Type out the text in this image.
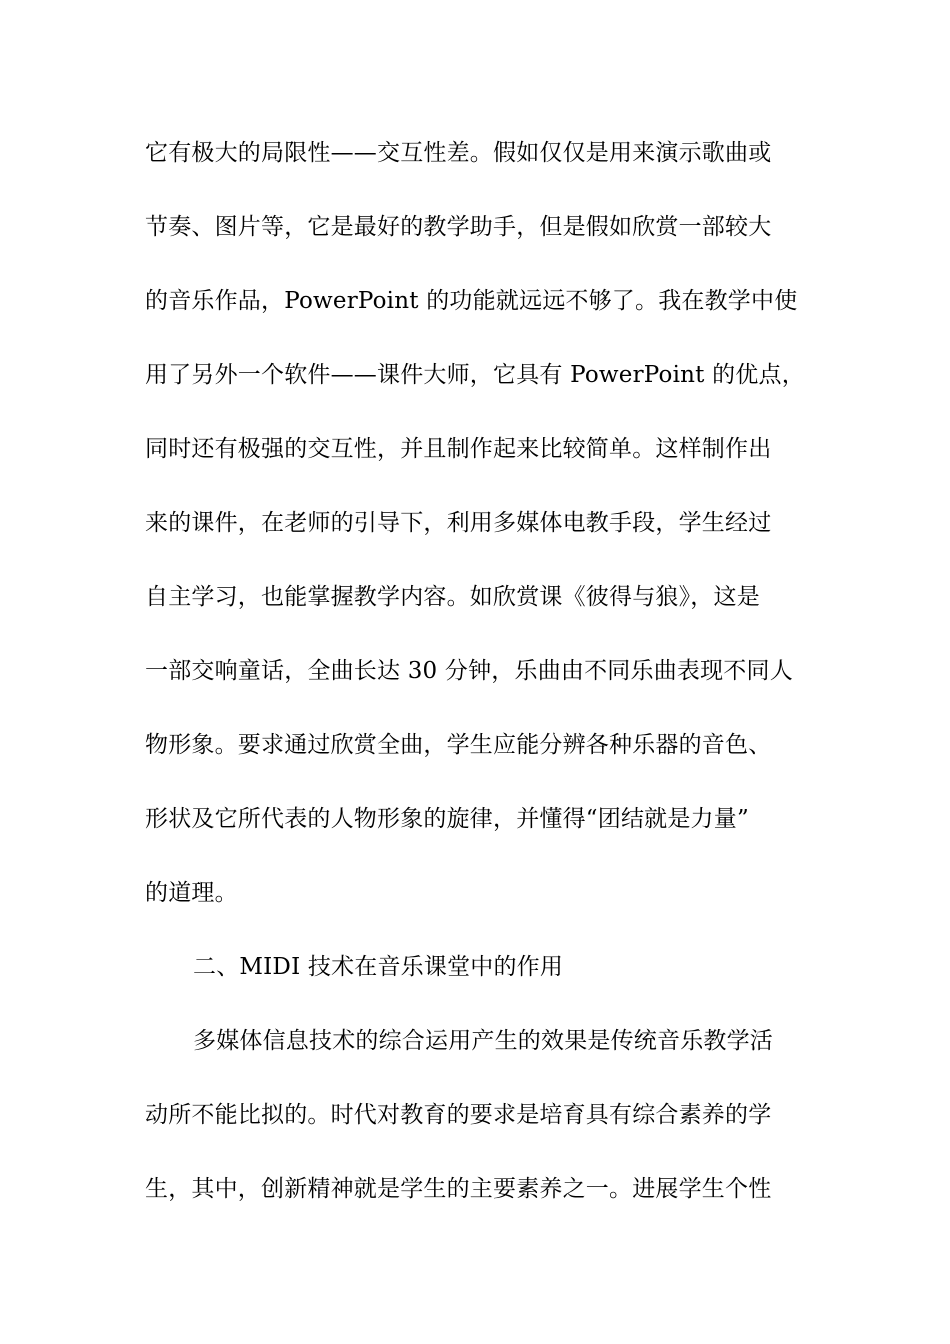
它有极大的局限性——交互性差。假如仅仅是用来演示歌曲或
节奏、图片等，它是最好的教学助手，但是假如欣赏一部较大
的音乐作品，PowerPoint 的功能就远远不够了。我在教学中使
用了另外一个软件——课件大师，它具有 PowerPoint 的优点，
同时还有极强的交互性，并且制作起来比较简单。这样制作出
来的课件，在老师的引导下，利用多媒体电教手段，学生经过
自主学习，也能掌握教学内容。如欣赏课《彼得与狼》，这是
一部交响童话，全曲长达 30 分钟，乐曲由不同乐曲表现不同人
物形象。要求通过欣赏全曲，学生应能分辨各种乐器的音色、
形状及它所代表的人物形象的旋律，并懂得“团结就是力量”
的道理。
二、MIDI 技术在音乐课堂中的作用
多媒体信息技术的综合运用产生的效果是传统音乐教学活
动所不能比拟的。时代对教育的要求是培育具有综合素养的学
生，其中，创新精神就是学生的主要素养之一。进展学生个性
